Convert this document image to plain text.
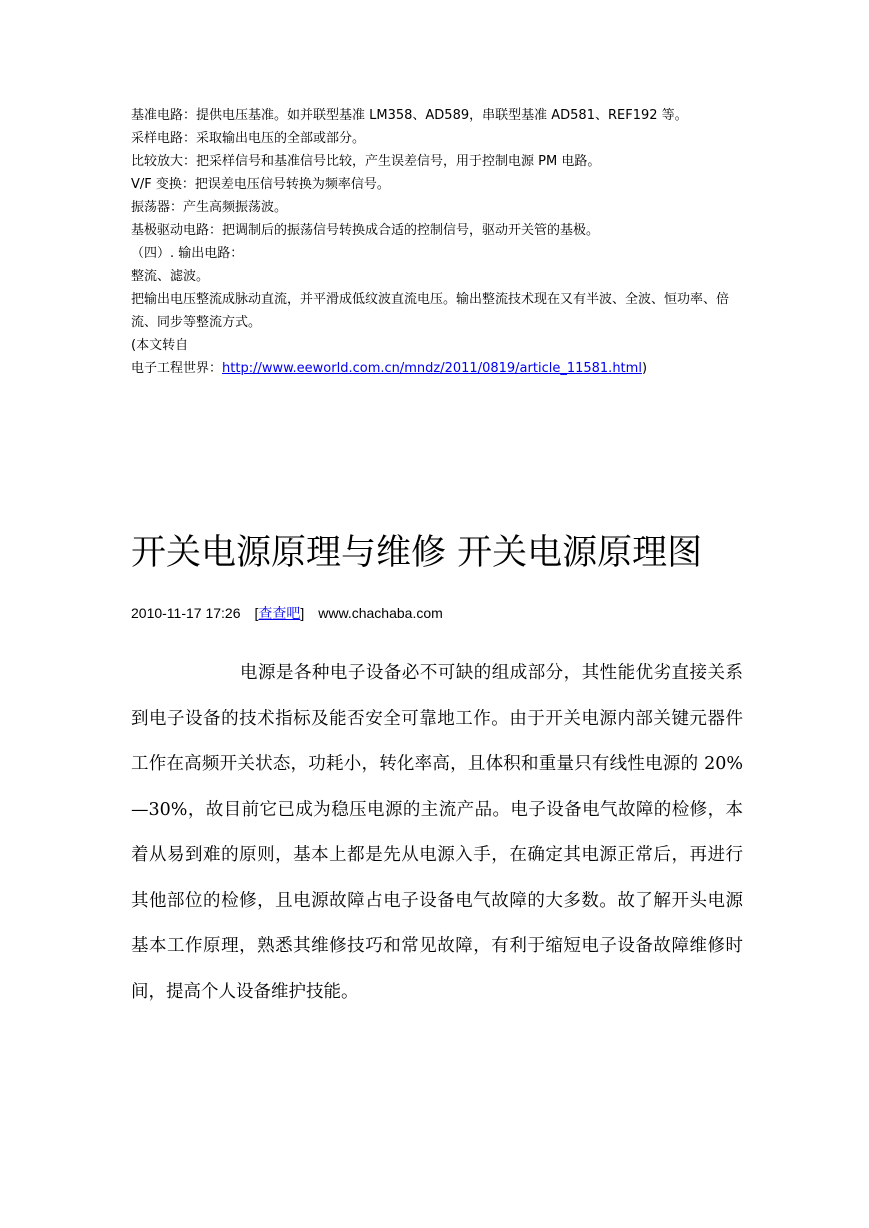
基准电路：提供电压基准。如并联型基准 LM358、AD589，串联型基准 AD581、REF192 等。
采样电路：采取输出电压的全部或部分。
比较放大：把采样信号和基准信号比较，产生误差信号，用于控制电源 PM 电路。
V/F 变换：把误差电压信号转换为频率信号。
振荡器：产生高频振荡波。
基极驱动电路：把调制后的振荡信号转换成合适的控制信号，驱动开关管的基极。
（四）. 输出电路：
整流、滤波。
把输出电压整流成脉动直流，并平滑成低纹波直流电压。输出整流技术现在又有半波、全波、恒功率、倍流、同步等整流方式。
(本文转自
电子工程世界：http://www.eeworld.com.cn/mndz/2011/0819/article_11581.html)
开关电源原理与维修 开关电源原理图
2010-11-17 17:26 [查查吧] www.chachaba.com

电源是各种电子设备必不可缺的组成部分，其性能优劣直接关系到电子设备的技术指标及能否安全可靠地工作。由于开关电源内部关键元器件工作在高频开关状态，功耗小，转化率高，且体积和重量只有线性电源的 20%—30%，故目前它已成为稳压电源的主流产品。电子设备电气故障的检修，本着从易到难的原则，基本上都是先从电源入手，在确定其电源正常后，再进行其他部位的检修，且电源故障占电子设备电气故障的大多数。故了解开头电源基本工作原理，熟悉其维修技巧和常见故障，有利于缩短电子设备故障维修时间，提高个人设备维护技能。
